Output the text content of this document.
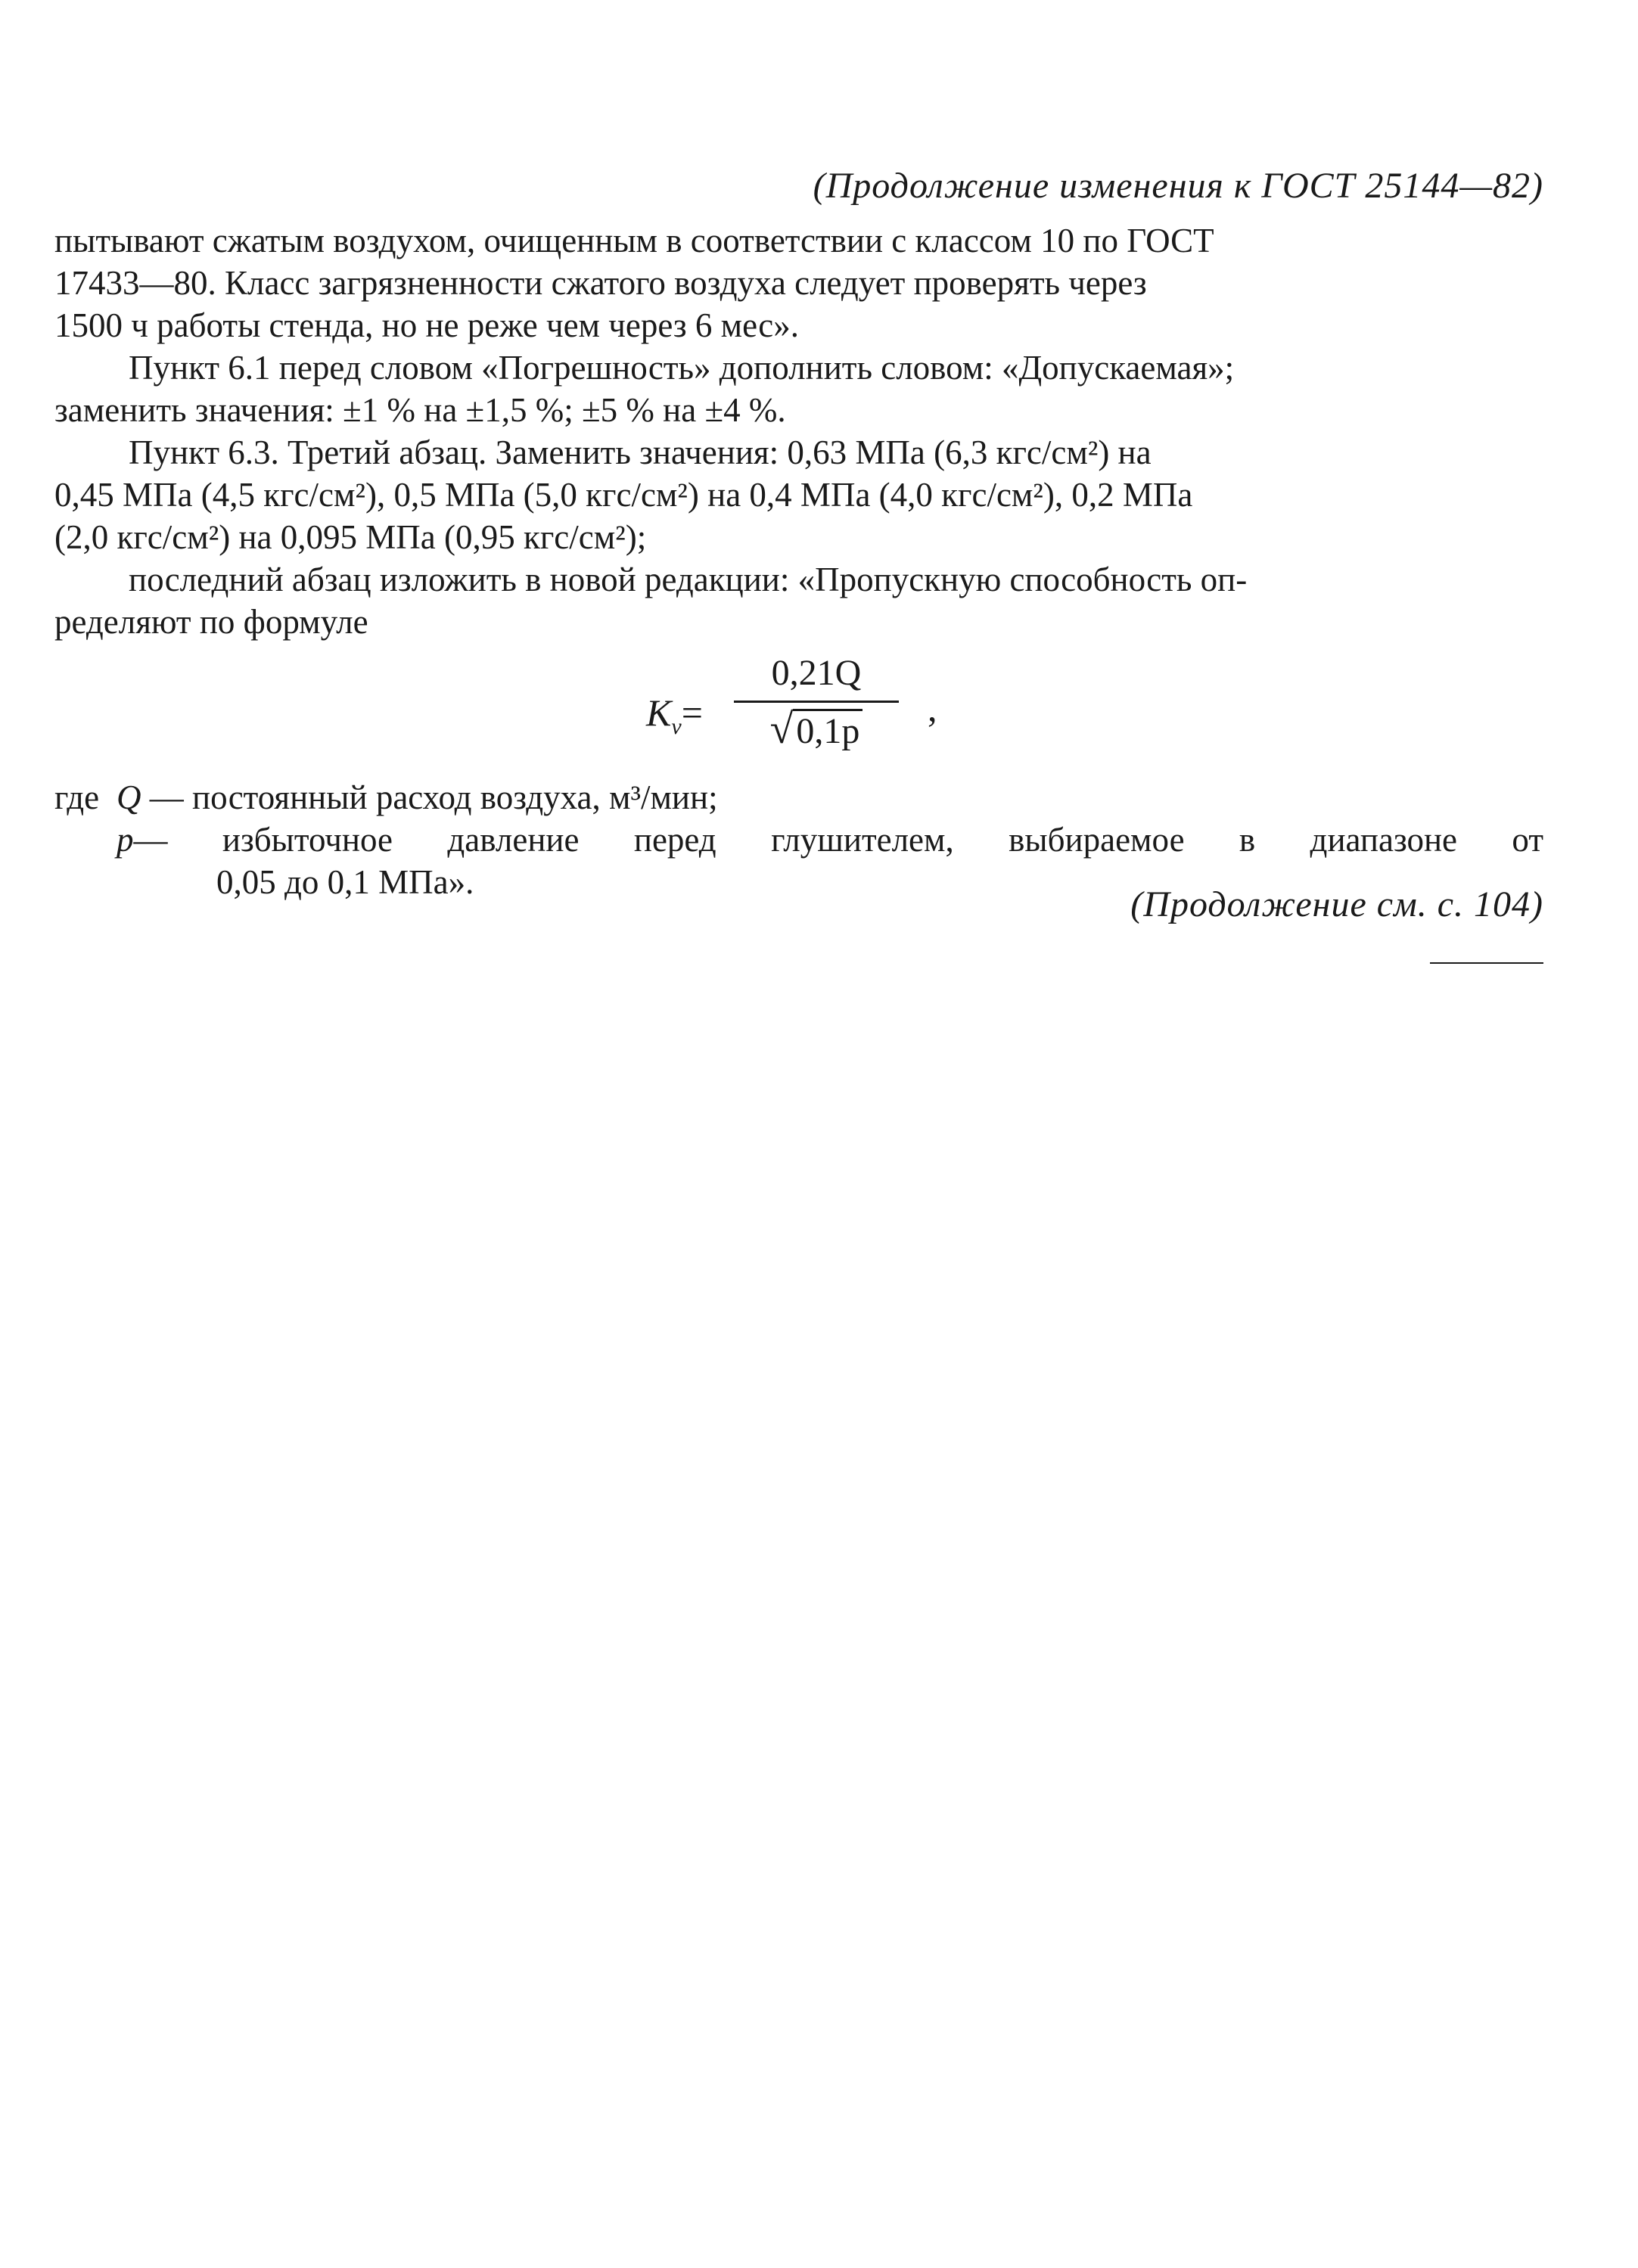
(Продолжение изменения к ГОСТ 25144—82)

пытывают сжатым воздухом, очищенным в соответствии с классом 10 по ГОСТ

17433—80. Класс загрязненности сжатого воздуха следует проверять через

1500 ч работы стенда, но не реже чем через 6 мес».

Пункт 6.1 перед словом «Погрешность» дополнить словом: «Допускаемая»;

заменить значения: ±1 % на ±1,5 %; ±5 % на ±4 %.

Пункт 6.3. Третий абзац. Заменить значения: 0,63 МПа (6,3 кгс/см²) на

0,45 МПа (4,5 кгс/см²), 0,5 МПа (5,0 кгс/см²) на 0,4 МПа (4,0 кгс/см²), 0,2 МПа

(2,0 кгс/см²) на 0,095 МПа (0,95 кгс/см²);

последний абзац изложить в новой редакции: «Пропускную способность оп-

ределяют по формуле

$K_v=$
0,21Q
√0,1p
,
где Q — постоянный расход воздуха, м³/мин;
p — избыточное давление перед глушителем, выбираемое в диапазоне от
0,05 до 0,1 МПа».
(Продолжение см. с. 104)
